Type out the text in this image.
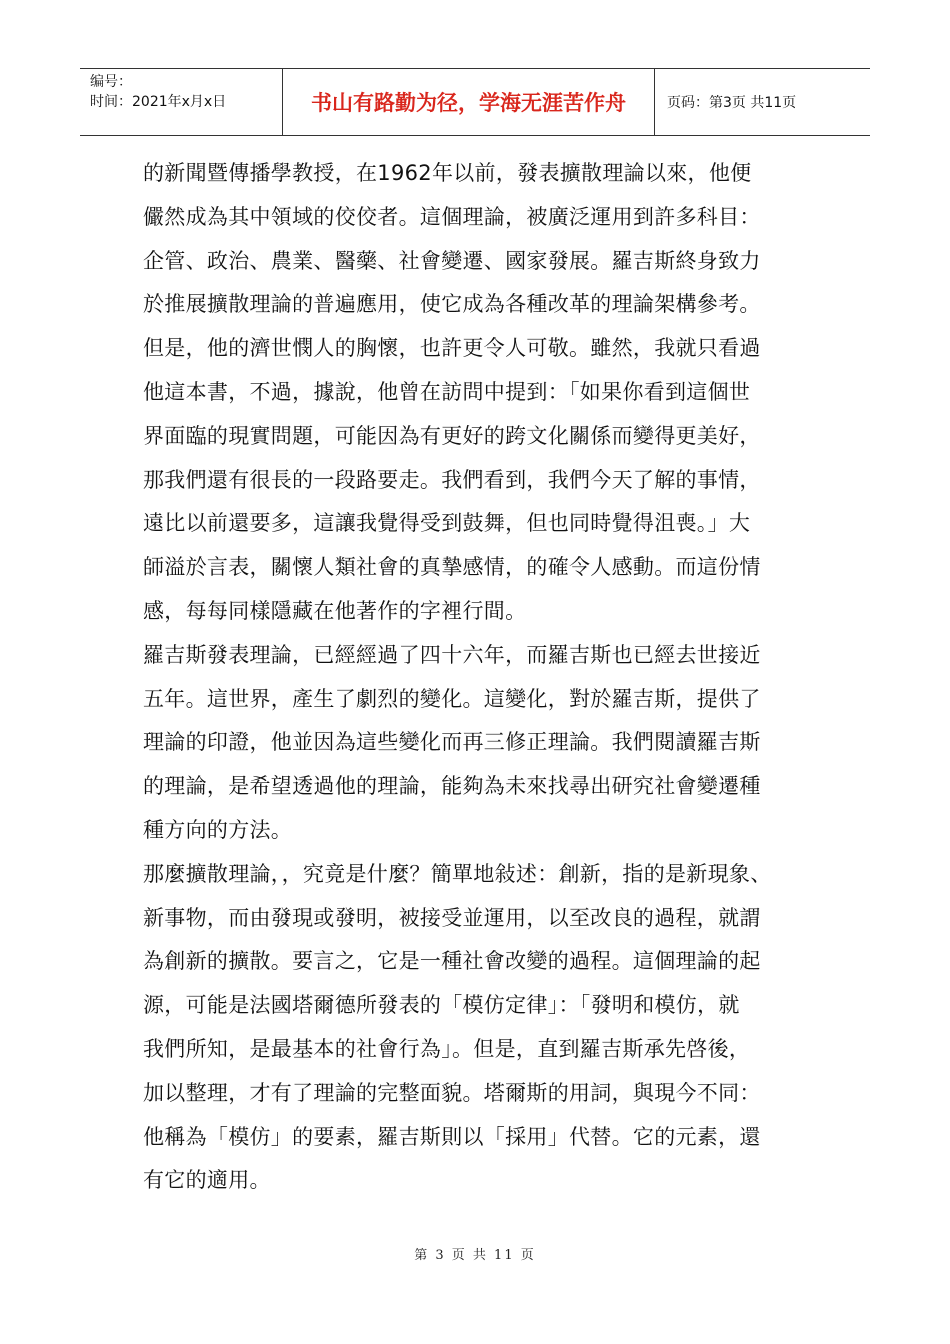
编号：
时间：2021年x月x日	书山有路勤为径，学海无涯苦作舟	页码：第3页 共11页
的新聞暨傳播學教授，在1962年以前，發表擴散理論以來，他便
儼然成為其中領域的佼佼者。這個理論，被廣泛運用到許多科目：
企管、政治、農業、醫藥、社會變遷、國家發展。羅吉斯終身致力
於推展擴散理論的普遍應用，使它成為各種改革的理論架構參考。
但是，他的濟世憫人的胸懷，也許更令人可敬。雖然，我就只看過
他這本書，不過，據說，他曾在訪問中提到：「如果你看到這個世
界面臨的現實問題，可能因為有更好的跨文化關係而變得更美好，
那我們還有很長的一段路要走。我們看到，我們今天了解的事情，
遠比以前還要多，這讓我覺得受到鼓舞，但也同時覺得沮喪。」大
師溢於言表，關懷人類社會的真摯感情，的確令人感動。而這份情
感，每每同樣隱藏在他著作的字裡行間。
羅吉斯發表理論，已經經過了四十六年，而羅吉斯也已經去世接近
五年。這世界，產生了劇烈的變化。這變化，對於羅吉斯，提供了
理論的印證，他並因為這些變化而再三修正理論。我們閱讀羅吉斯
的理論，是希望透過他的理論，能夠為未來找尋出研究社會變遷種
種方向的方法。
那麼擴散理論，，究竟是什麼？簡單地敍述：創新，指的是新現象、
新事物，而由發現或發明，被接受並運用，以至改良的過程，就謂
為創新的擴散。要言之，它是一種社會改變的過程。這個理論的起
源，可能是法國塔爾德所發表的「模仿定律」：「發明和模仿，就
我們所知，是最基本的社會行為」。但是，直到羅吉斯承先啓後，
加以整理，才有了理論的完整面貌。塔爾斯的用詞，與現今不同：
他稱為「模仿」的要素，羅吉斯則以「採用」代替。它的元素，還
有它的適用。
第 3 页 共 11 页
